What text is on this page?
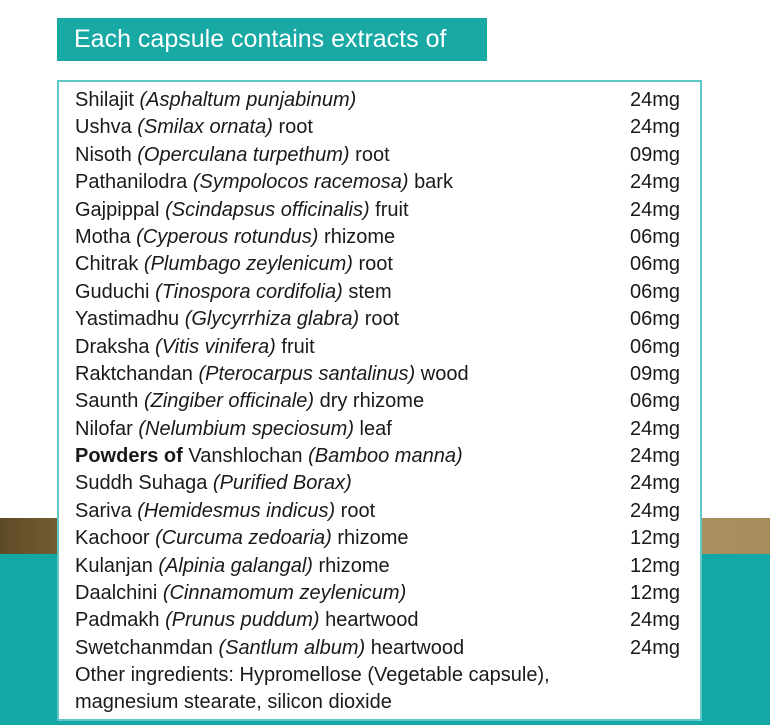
Each capsule contains extracts of
Shilajit (Asphaltum punjabinum)	24mg
Ushva (Smilax ornata) root	24mg
Nisoth (Operculana turpethum) root	09mg
Pathanilodra (Sympolocos racemosa) bark	24mg
Gajpippal (Scindapsus officinalis) fruit	24mg
Motha (Cyperous rotundus) rhizome	06mg
Chitrak (Plumbago zeylenicum) root	06mg
Guduchi (Tinospora cordifolia) stem	06mg
Yastimadhu (Glycyrrhiza glabra) root	06mg
Draksha (Vitis vinifera) fruit	06mg
Raktchandan (Pterocarpus santalinus) wood	09mg
Saunth (Zingiber officinale) dry rhizome	06mg
Nilofar (Nelumbium speciosum) leaf	24mg
Powders of Vanshlochan (Bamboo manna)	24mg
Suddh Suhaga (Purified Borax)	24mg
Sariva (Hemidesmus indicus) root	24mg
Kachoor (Curcuma zedoaria) rhizome	12mg
Kulanjan (Alpinia galangal) rhizome	12mg
Daalchini (Cinnamomum zeylenicum)	12mg
Padmakh (Prunus puddum) heartwood	24mg
Swetchanmdan (Santlum album) heartwood	24mg
Other ingredients: Hypromellose (Vegetable capsule),
magnesium stearate, silicon dioxide
